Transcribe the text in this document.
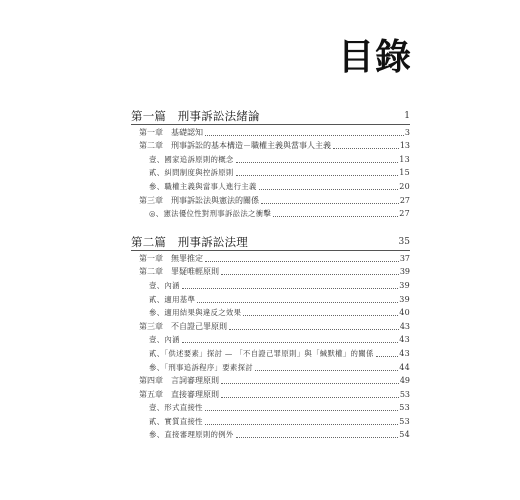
目錄
第一篇　刑事訴訟法緒論	1
第一章　基礎認知	3
第二章　刑事訴訟的基本構造－職權主義與當事人主義	13
壹、國家追訴原則的概念	13
貳、糾問制度與控訴原則	15
參、職權主義與當事人進行主義	20
第三章　刑事訴訟法與憲法的關係	27
◎、憲法優位性對刑事訴訟法之衝擊	27
第二篇　刑事訴訟法理	35
第一章　無罪推定	37
第二章　罪疑唯輕原則	39
壹、內涵	39
貳、適用基準	39
參、適用結果與違反之效果	40
第三章　不自證己罪原則	43
壹、內涵	43
貳、「供述要素」探討 — 「不自證己罪原則」與「緘默權」的關係	43
參、「刑事追訴程序」要素探討	44
第四章　言詞審理原則	49
第五章　直接審理原則	53
壹、形式直接性	53
貳、實質直接性	53
參、直接審理原則的例外	54
